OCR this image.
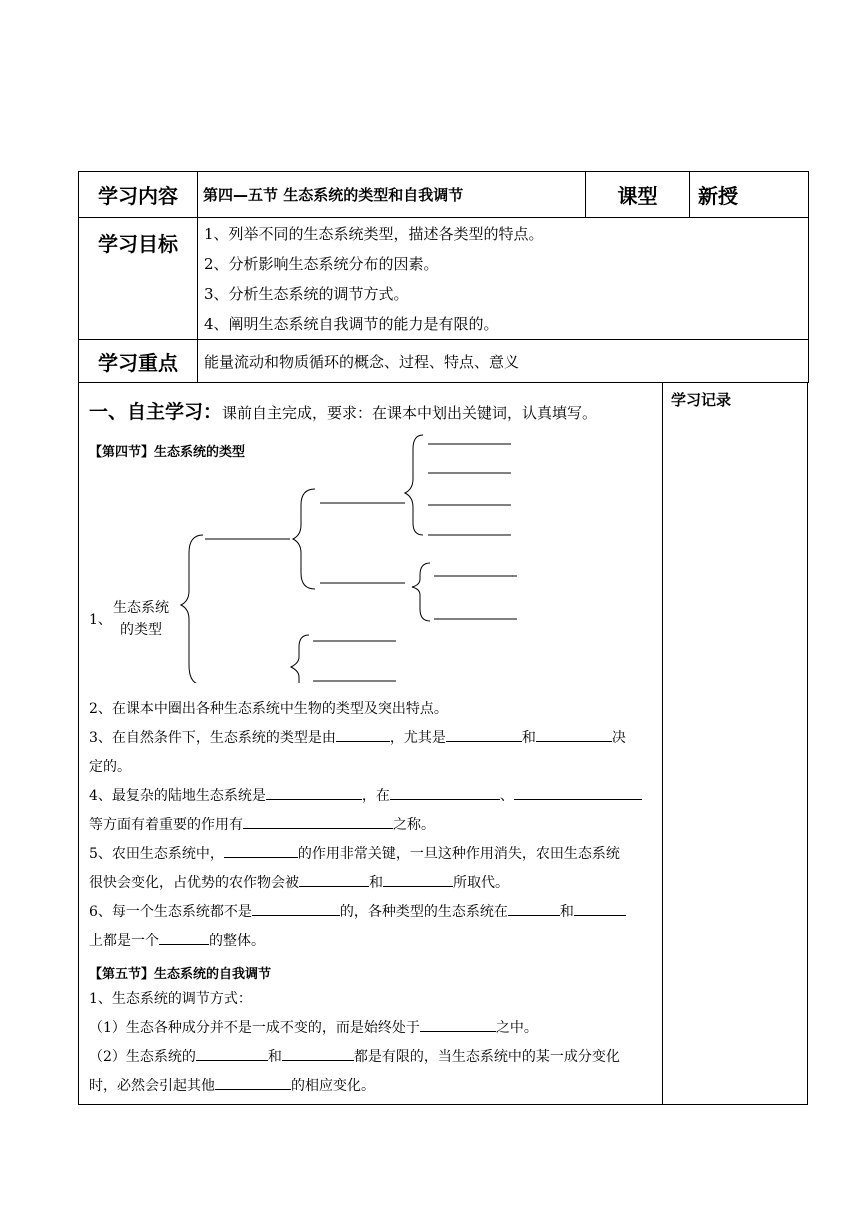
学习内容	第四—五节 生态系统的类型和自我调节	课型	新授
学习目标	1、列举不同的生态系统类型，描述各类型的特点。
2、分析影响生态系统分布的因素。
3、分析生态系统的调节方式。
4、阐明生态系统自我调节的能力是有限的。		

学习重点	能量流动和物质循环的概念、过程、特点、意义		
学习记录
一、自主学习：课前自主完成，要求：在课本中划出关键词，认真填写。
【第四节】生态系统的类型
1、
生态系统
的类型
2、在课本中圈出各种生态系统中生物的类型及突出特点。
3、在自然条件下，生态系统的类型是由	，尤其是	和	决
定的。
4、最复杂的陆地生态系统是	，在	、
等方面有着重要的作用有	之称。
5、农田生态系统中，	的作用非常关键，一旦这种作用消失，农田生态系统
很快会变化，占优势的农作物会被	和	所取代。
6、每一个生态系统都不是	的，各种类型的生态系统在	和
上都是一个	的整体。
【第五节】生态系统的自我调节
1、生态系统的调节方式：
（1）生态各种成分并不是一成不变的，而是始终处于	之中。
（2）生态系统的	和	都是有限的，当生态系统中的某一成分变化
时，必然会引起其他	的相应变化。
